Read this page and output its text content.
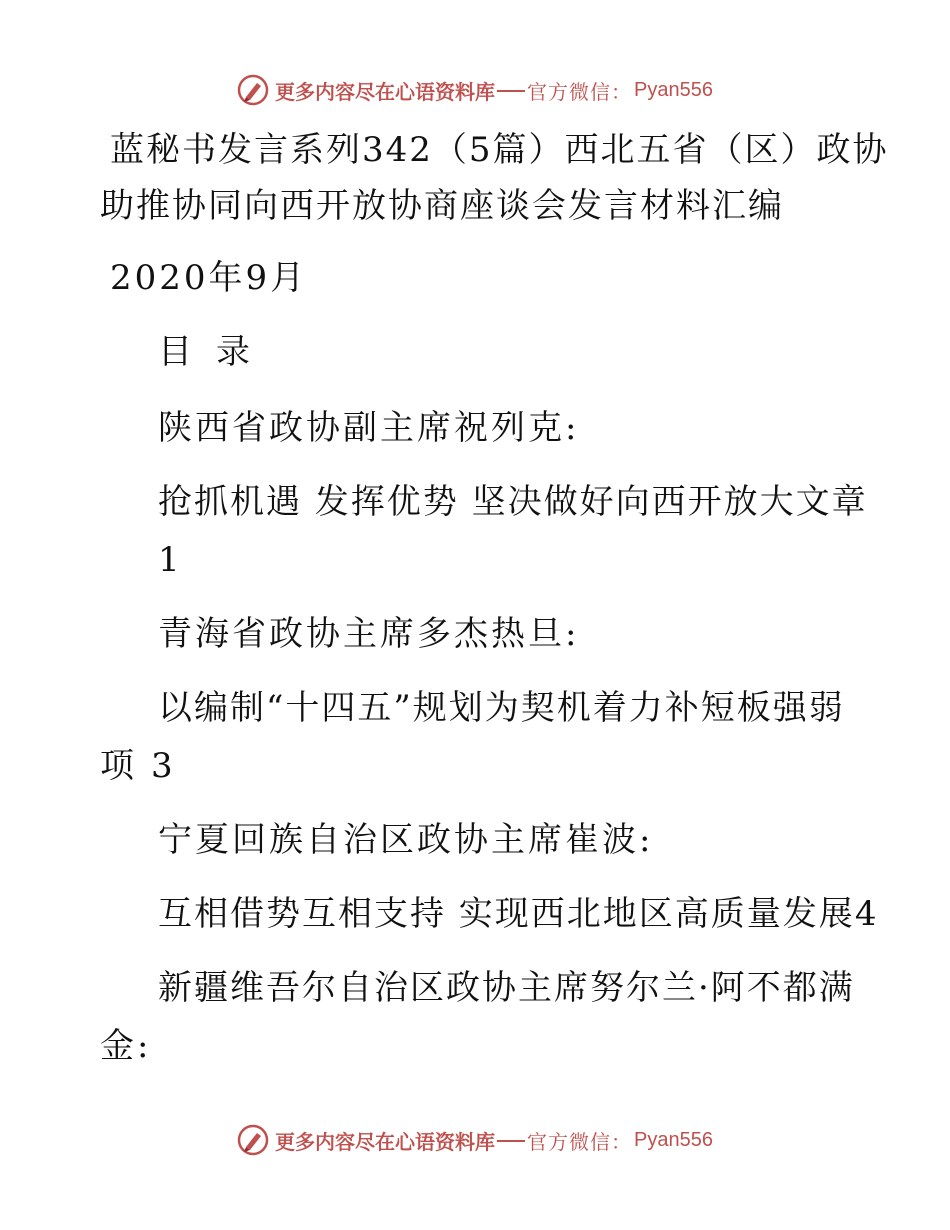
更多内容尽在心语资料库 官方微信： Pyan556
蓝秘书发言系列342（5篇）西北五省（区）政协
助推协同向西开放协商座谈会发言材料汇编
2020年9月
目 录
陕西省政协副主席祝列克:
抢抓机遇 发挥优势 坚决做好向西开放大文章
1
青海省政协主席多杰热旦:
以编制“十四五”规划为契机着力补短板强弱
项 3
宁夏回族自治区政协主席崔波:
互相借势互相支持 实现西北地区高质量发展4
新疆维吾尔自治区政协主席努尔兰·阿不都满
金:
更多内容尽在心语资料库 官方微信： Pyan556
